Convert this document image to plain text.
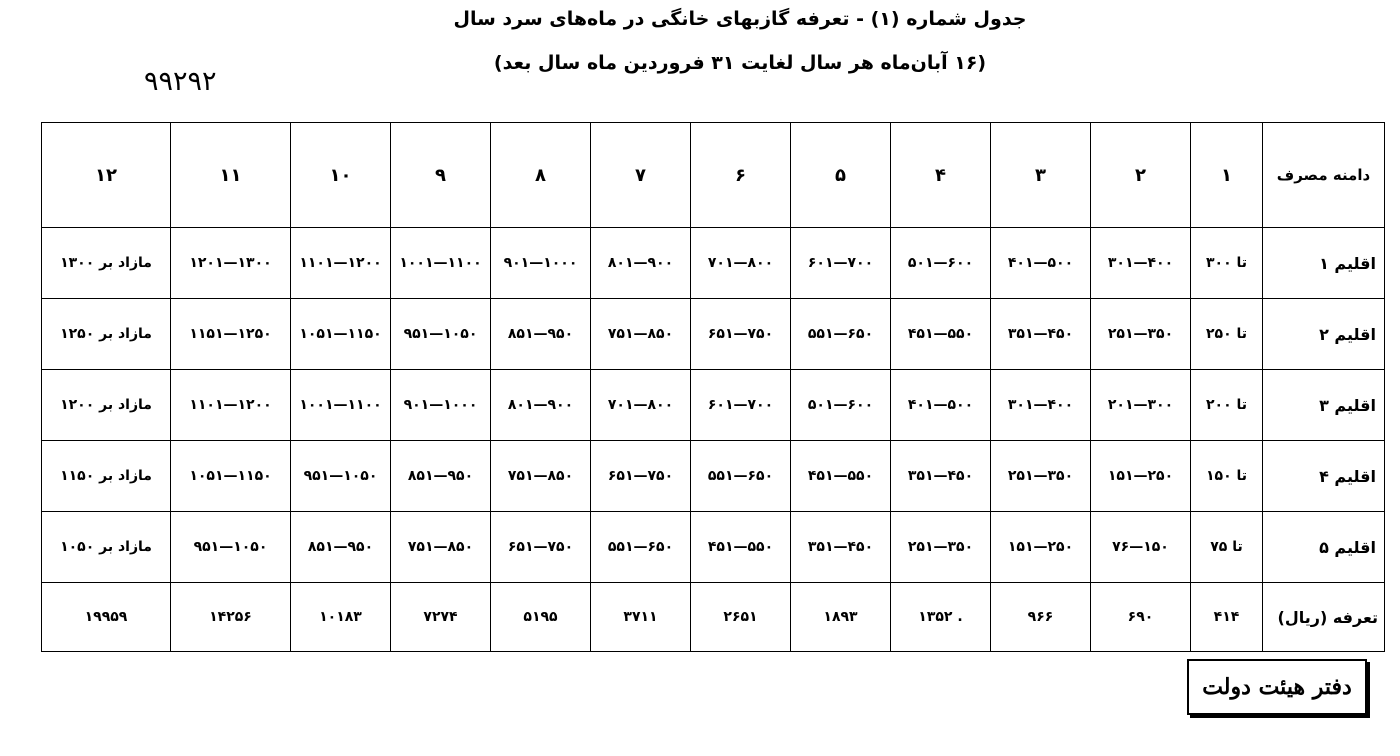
جدول شماره (۱) - تعرفه گازبهای خانگی در ماه‌های سرد سال
(۱۶ آبان‌ماه هر سال لغایت ۳۱ فروردین ماه سال بعد)
۹۹۲۹۲
دامنه مصرف	۱	۲	۳	۴	۵	۶	۷	۸	۹	۱۰	۱۱	۱۲
اقلیم ۱	تا ۳۰۰	۴۰۰—۳۰۱	۵۰۰—۴۰۱	۶۰۰—۵۰۱	۷۰۰—۶۰۱	۸۰۰—۷۰۱	۹۰۰—۸۰۱	۱۰۰۰—۹۰۱	۱۱۰۰—۱۰۰۱	۱۲۰۰—۱۱۰۱	۱۳۰۰—۱۲۰۱	مازاد بر ۱۳۰۰
اقلیم ۲	تا ۲۵۰	۳۵۰—۲۵۱	۴۵۰—۳۵۱	۵۵۰—۴۵۱	۶۵۰—۵۵۱	۷۵۰—۶۵۱	۸۵۰—۷۵۱	۹۵۰—۸۵۱	۱۰۵۰—۹۵۱	۱۱۵۰—۱۰۵۱	۱۲۵۰—۱۱۵۱	مازاد بر ۱۲۵۰
اقلیم ۳	تا ۲۰۰	۳۰۰—۲۰۱	۴۰۰—۳۰۱	۵۰۰—۴۰۱	۶۰۰—۵۰۱	۷۰۰—۶۰۱	۸۰۰—۷۰۱	۹۰۰—۸۰۱	۱۰۰۰—۹۰۱	۱۱۰۰—۱۰۰۱	۱۲۰۰—۱۱۰۱	مازاد بر ۱۲۰۰
اقلیم ۴	تا ۱۵۰	۲۵۰—۱۵۱	۳۵۰—۲۵۱	۴۵۰—۳۵۱	۵۵۰—۴۵۱	۶۵۰—۵۵۱	۷۵۰—۶۵۱	۸۵۰—۷۵۱	۹۵۰—۸۵۱	۱۰۵۰—۹۵۱	۱۱۵۰—۱۰۵۱	مازاد بر ۱۱۵۰
اقلیم ۵	تا ۷۵	۱۵۰—۷۶	۲۵۰—۱۵۱	۳۵۰—۲۵۱	۴۵۰—۳۵۱	۵۵۰—۴۵۱	۶۵۰—۵۵۱	۷۵۰—۶۵۱	۸۵۰—۷۵۱	۹۵۰—۸۵۱	۱۰۵۰—۹۵۱	مازاد بر ۱۰۵۰
تعرفه (ریال)	۴۱۴	۶۹۰	۹۶۶	. ۱۳۵۲	۱۸۹۳	۲۶۵۱	۳۷۱۱	۵۱۹۵	۷۲۷۴	۱۰۱۸۳	۱۴۲۵۶	۱۹۹۵۹
دفتر هیئت دولت
